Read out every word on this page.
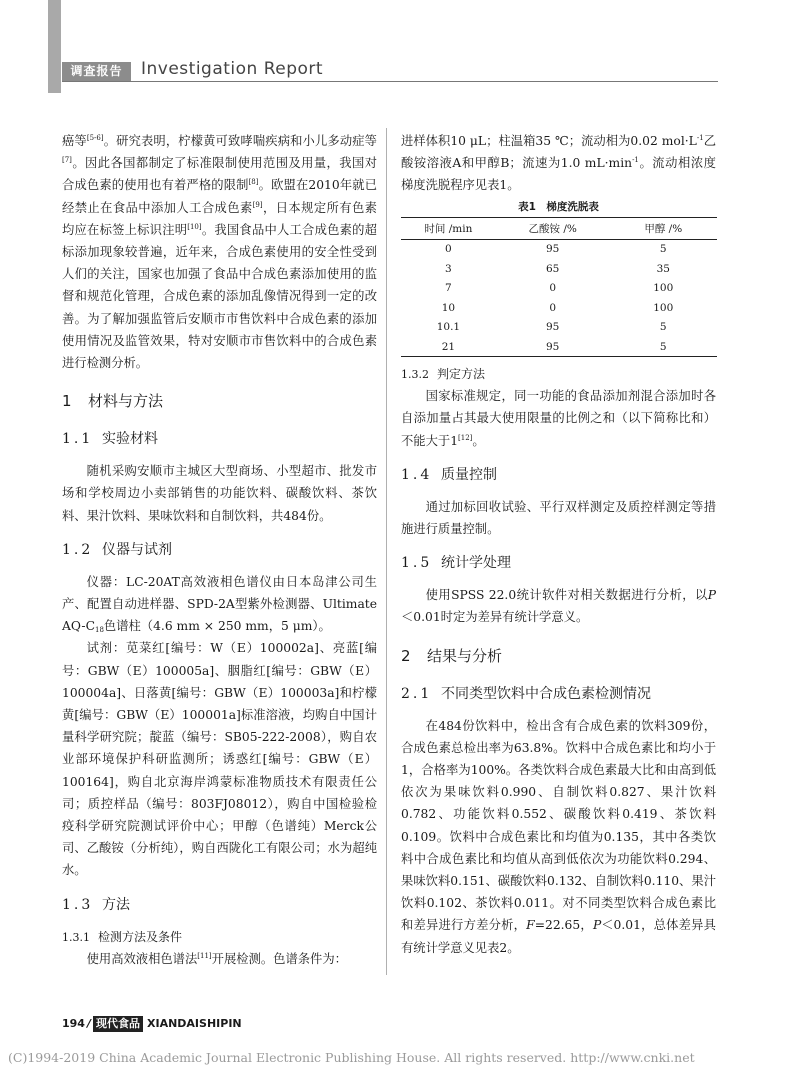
调查报告	Investigation Report

癌等[5-6]。研究表明，柠檬黄可致哮喘疾病和小儿多动症等[7]。因此各国都制定了标准限制使用范围及用量，我国对合成色素的使用也有着严格的限制[8]。欧盟在2010年就已经禁止在食品中添加人工合成色素[9]，日本规定所有色素均应在标签上标识注明[10]。我国食品中人工合成色素的超标添加现象较普遍，近年来，合成色素使用的安全性受到人们的关注，国家也加强了食品中合成色素添加使用的监督和规范化管理，合成色素的添加乱像情况得到一定的改善。为了解加强监管后安顺市市售饮料中合成色素的添加使用情况及监管效果，特对安顺市市售饮料中的合成色素进行检测分析。

1 材料与方法
1.1 实验材料

随机采购安顺市主城区大型商场、小型超市、批发市场和学校周边小卖部销售的功能饮料、碳酸饮料、茶饮料、果汁饮料、果味饮料和自制饮料，共484份。

1.2 仪器与试剂

仪器：LC-20AT高效液相色谱仪由日本岛津公司生产、配置自动进样器、SPD-2A型紫外检测器、Ultimate $AQ-C_{18}$色谱柱（4.6 mm × 250 mm，5 μm）。

试剂：苋菜红[编号：W（E）100002a]、亮蓝[编号：GBW（E）100005a]、胭脂红[编号：GBW（E）100004a]、日落黄[编号：GBW（E）100003a]和柠檬黄[编号：GBW（E）100001a]标准溶液，均购自中国计量科学研究院；靛蓝（编号：SB05-222-2008），购自农业部环境保护科研监测所；诱惑红[编号：GBW（E）100164]，购自北京海岸鸿蒙标准物质技术有限责任公司；质控样品（编号：803FJ08012），购自中国检验检疫科学研究院测试评价中心；甲醇（色谱纯）Merck公司、乙酸铵（分析纯），购自西陇化工有限公司；水为超纯水。

1.3 方法
1.3.1 检测方法及条件

使用高效液相色谱法[11]开展检测。色谱条件为：

进样体积10 μL；柱温箱35 ℃；流动相为0.02 $mol\cdot L^{-1}$乙酸铵溶液A和甲醇B；流速为1.0 $mL\cdot\min^{-1}$。流动相浓度梯度洗脱程序见表1。

表1　梯度洗脱表
时间 /min	乙酸铵 /%	甲醇 /%
0	95	5
3	65	35
7	0	100
10	0	100
10.1	95	5
21	95	5
1.3.2 判定方法

国家标准规定，同一功能的食品添加剂混合添加时各自添加量占其最大使用限量的比例之和（以下简称比和）不能大于1[12]。

1.4 质量控制

通过加标回收试验、平行双样测定及质控样测定等措施进行质量控制。

1.5 统计学处理

使用SPSS 22.0统计软件对相关数据进行分析，以P＜0.01时定为差异有统计学意义。

2 结果与分析
2.1 不同类型饮料中合成色素检测情况

在484份饮料中，检出含有合成色素的饮料309份，合成色素总检出率为63.8%。饮料中合成色素比和均小于1，合格率为100%。各类饮料合成色素最大比和由高到低依次为果味饮料0.990、自制饮料0.827、果汁饮料0.782、功能饮料0.552、碳酸饮料0.419、茶饮料0.109。饮料中合成色素比和均值为0.135，其中各类饮料中合成色素比和均值从高到低依次为功能饮料0.294、果味饮料0.151、碳酸饮料0.132、自制饮料0.110、果汁饮料0.102、茶饮料0.011。对不同类型饮料合成色素比和差异进行方差分析，F=22.65，P＜0.01，总体差异具有统计学意义见表2。

194 / 现代食品 XIANDAISHIPIN
(C)1994-2019 China Academic Journal Electronic Publishing House. All rights reserved. http://www.cnki.net
